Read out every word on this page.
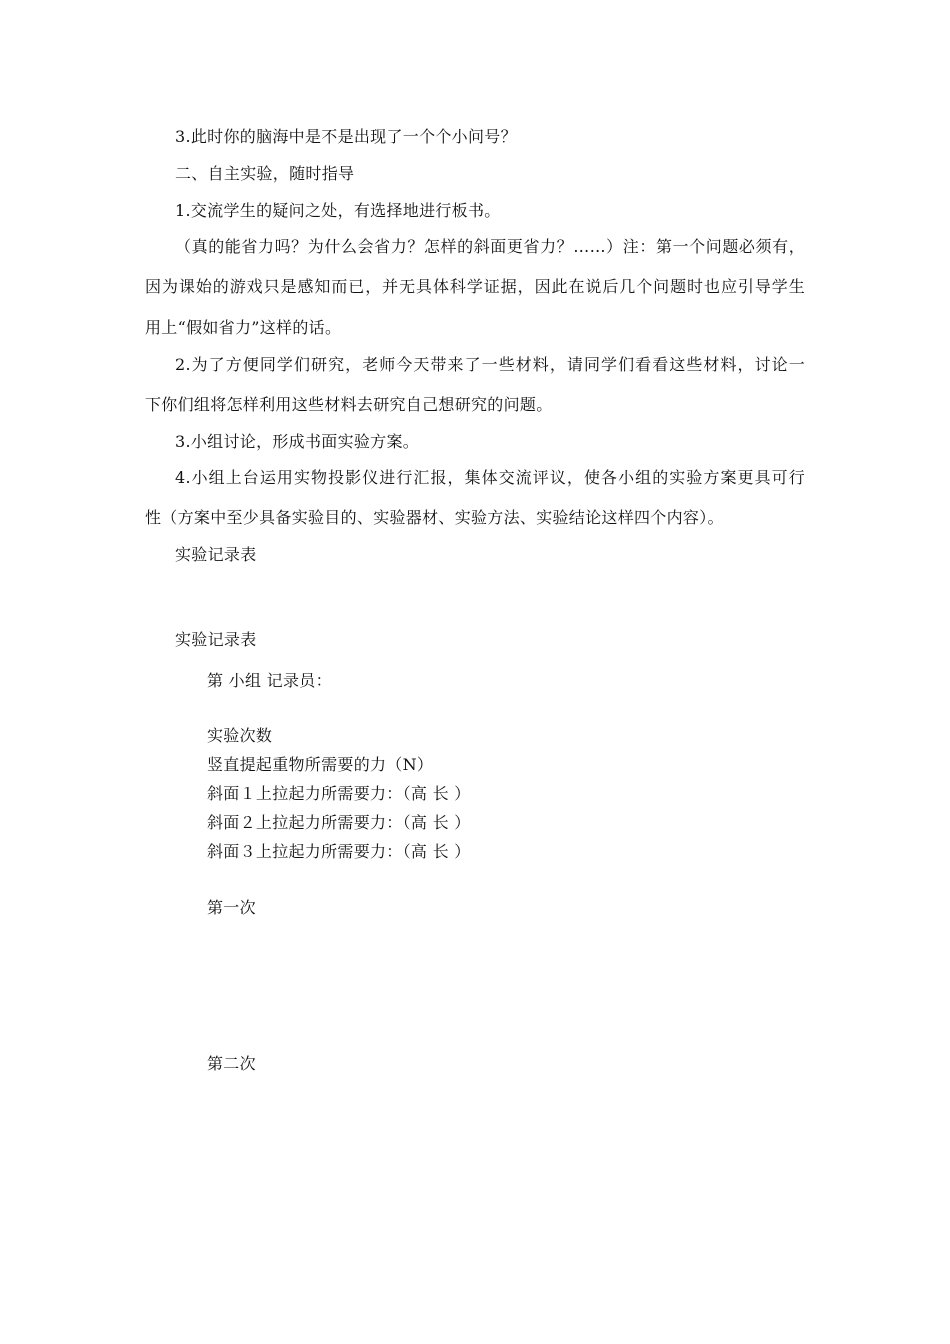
3.此时你的脑海中是不是出现了一个个小问号？
二、自主实验，随时指导
1.交流学生的疑问之处，有选择地进行板书。
（真的能省力吗？为什么会省力？怎样的斜面更省力？……）注：第一个问题必须有，
因为课始的游戏只是感知而已，并无具体科学证据，因此在说后几个问题时也应引导学生
用上“假如省力”这样的话。
2.为了方便同学们研究，老师今天带来了一些材料，请同学们看看这些材料，讨论一
下你们组将怎样利用这些材料去研究自己想研究的问题。
3.小组讨论，形成书面实验方案。
4.小组上台运用实物投影仪进行汇报，集体交流评议，使各小组的实验方案更具可行
性（方案中至少具备实验目的、实验器材、实验方法、实验结论这样四个内容）。
实验记录表
实验记录表
第 小组 记录员：
实验次数
竖直提起重物所需要的力（N）
斜面１上拉起力所需要力：（高 长 ）
斜面２上拉起力所需要力：（高 长 ）
斜面３上拉起力所需要力：（高 长 ）
第一次
第二次
